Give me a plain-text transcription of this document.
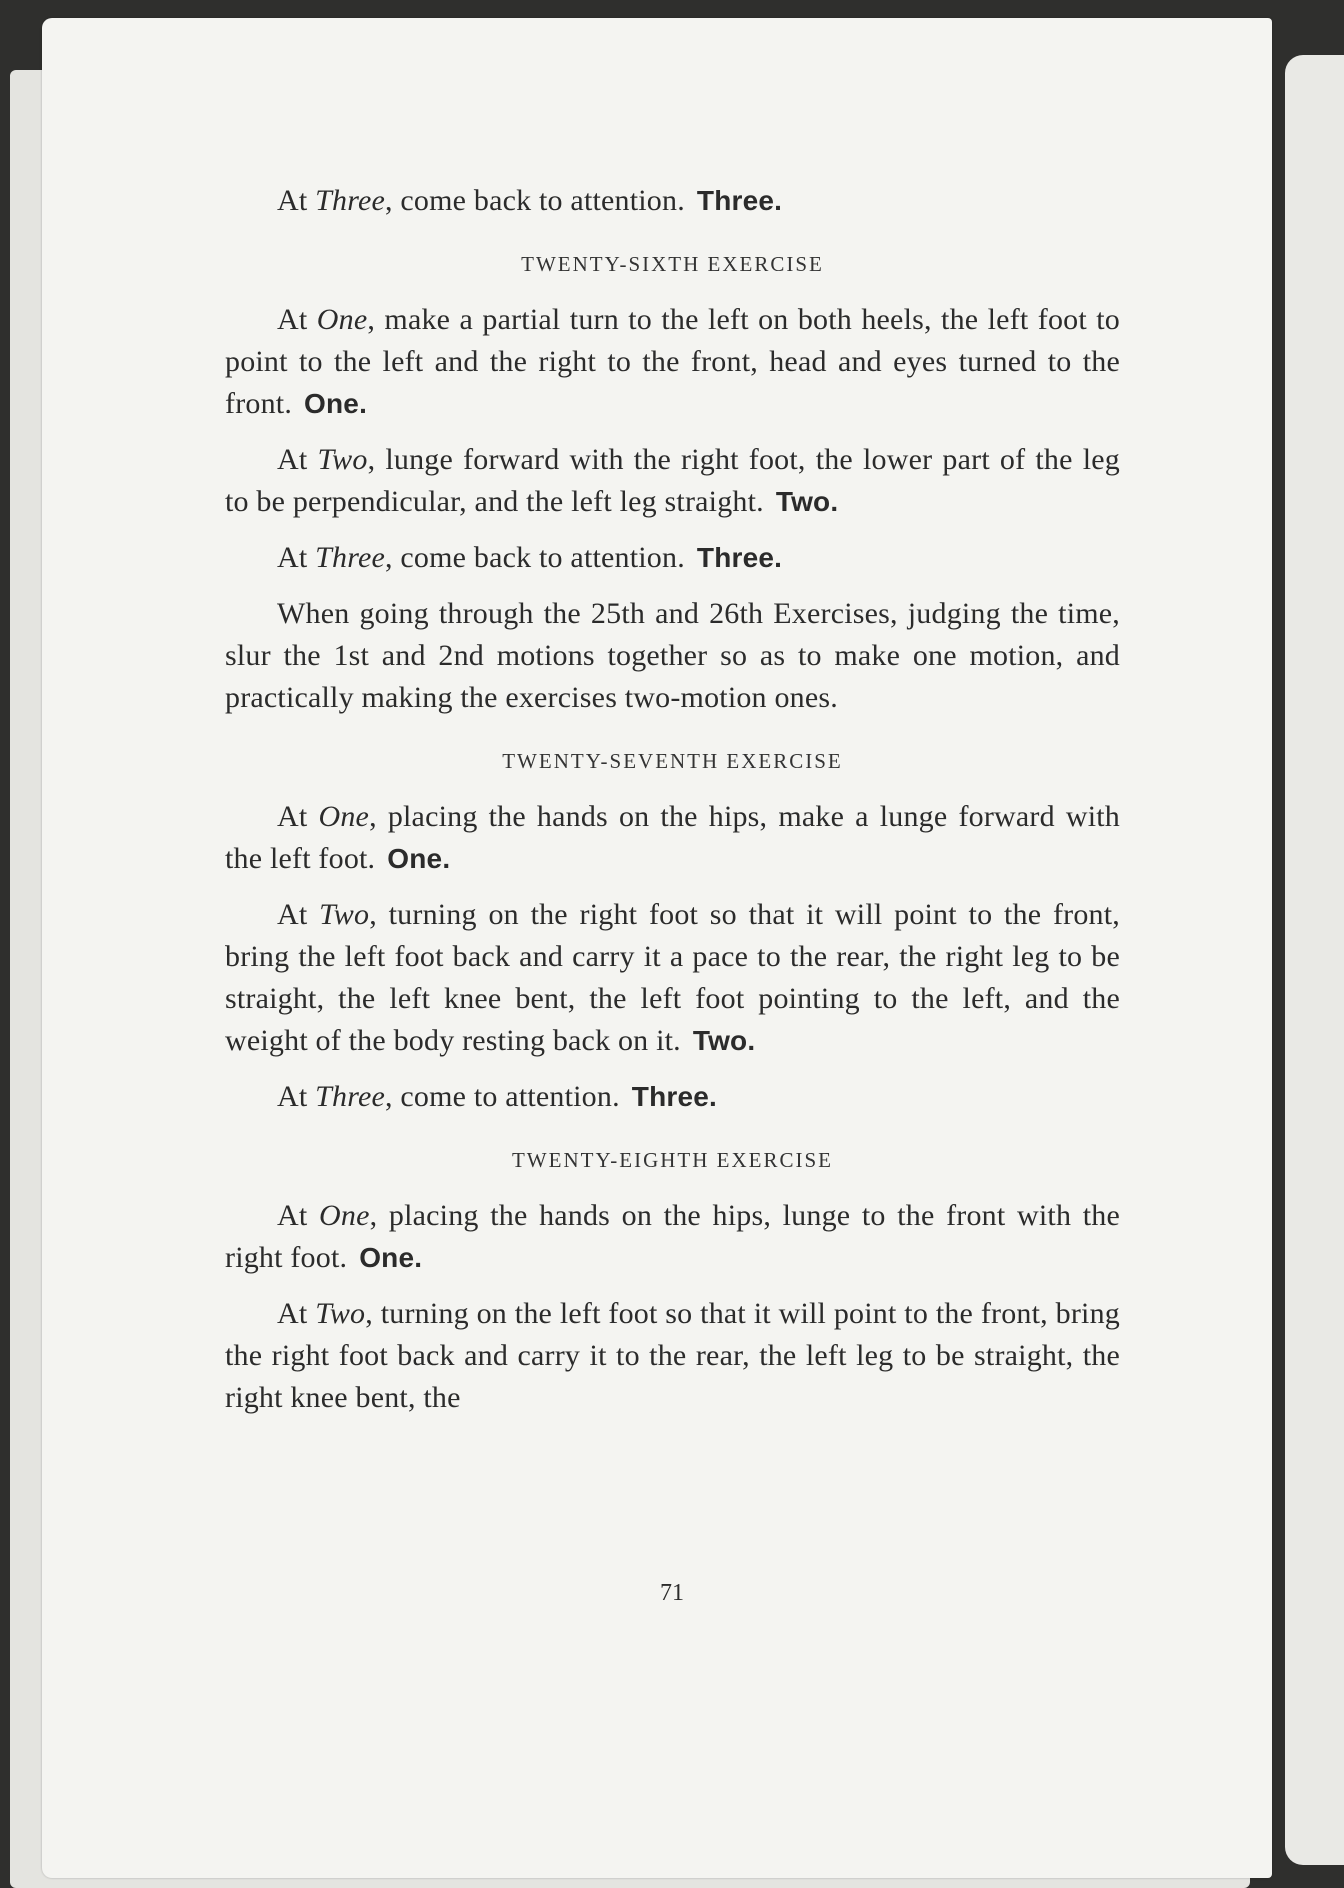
At Three, come back to attention. Three.

TWENTY-SIXTH EXERCISE

At One, make a partial turn to the left on both heels, the left foot to point to the left and the right to the front, head and eyes turned to the front. One.

At Two, lunge forward with the right foot, the lower part of the leg to be perpendicular, and the left leg straight. Two.

At Three, come back to attention. Three.

When going through the 25th and 26th Exercises, judging the time, slur the 1st and 2nd motions together so as to make one motion, and practically making the exercises two-motion ones.

TWENTY-SEVENTH EXERCISE

At One, placing the hands on the hips, make a lunge forward with the left foot. One.

At Two, turning on the right foot so that it will point to the front, bring the left foot back and carry it a pace to the rear, the right leg to be straight, the left knee bent, the left foot pointing to the left, and the weight of the body resting back on it. Two.

At Three, come to attention. Three.

TWENTY-EIGHTH EXERCISE

At One, placing the hands on the hips, lunge to the front with the right foot. One.

At Two, turning on the left foot so that it will point to the front, bring the right foot back and carry it to the rear, the left leg to be straight, the right knee bent, the

71
